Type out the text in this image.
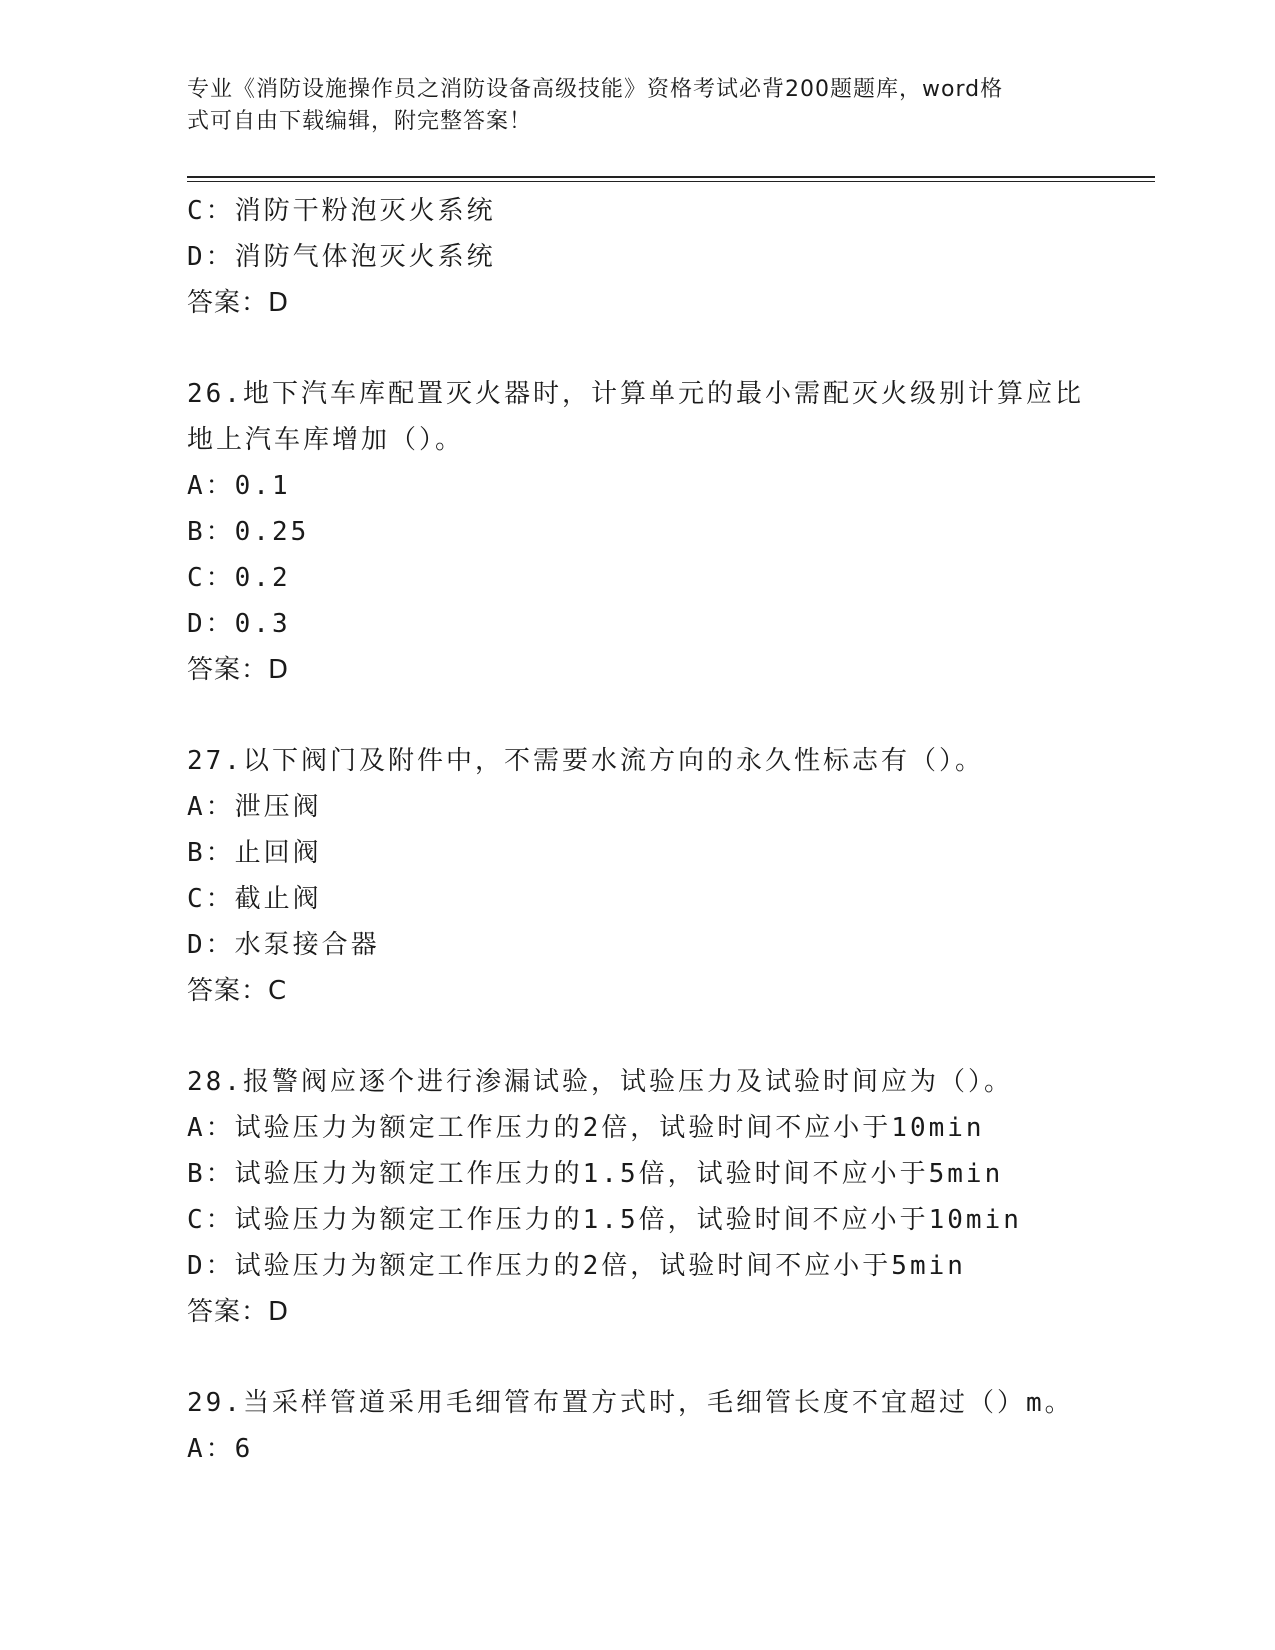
专业《消防设施操作员之消防设备高级技能》资格考试必背200题题库，word格
式可自由下载编辑，附完整答案！
C：消防干粉泡灭火系统
D：消防气体泡灭火系统
答案：D
26.地下汽车库配置灭火器时，计算单元的最小需配灭火级别计算应比
地上汽车库增加（）。
A：0.1
B：0.25
C：0.2
D：0.3
答案：D
27.以下阀门及附件中，不需要水流方向的永久性标志有（）。
A：泄压阀
B：止回阀
C：截止阀
D：水泵接合器
答案：C
28.报警阀应逐个进行渗漏试验，试验压力及试验时间应为（）。
A：试验压力为额定工作压力的2倍，试验时间不应小于10min
B：试验压力为额定工作压力的1.5倍，试验时间不应小于5min
C：试验压力为额定工作压力的1.5倍，试验时间不应小于10min
D：试验压力为额定工作压力的2倍，试验时间不应小于5min
答案：D
29.当采样管道采用毛细管布置方式时，毛细管长度不宜超过（）m。
A：6
